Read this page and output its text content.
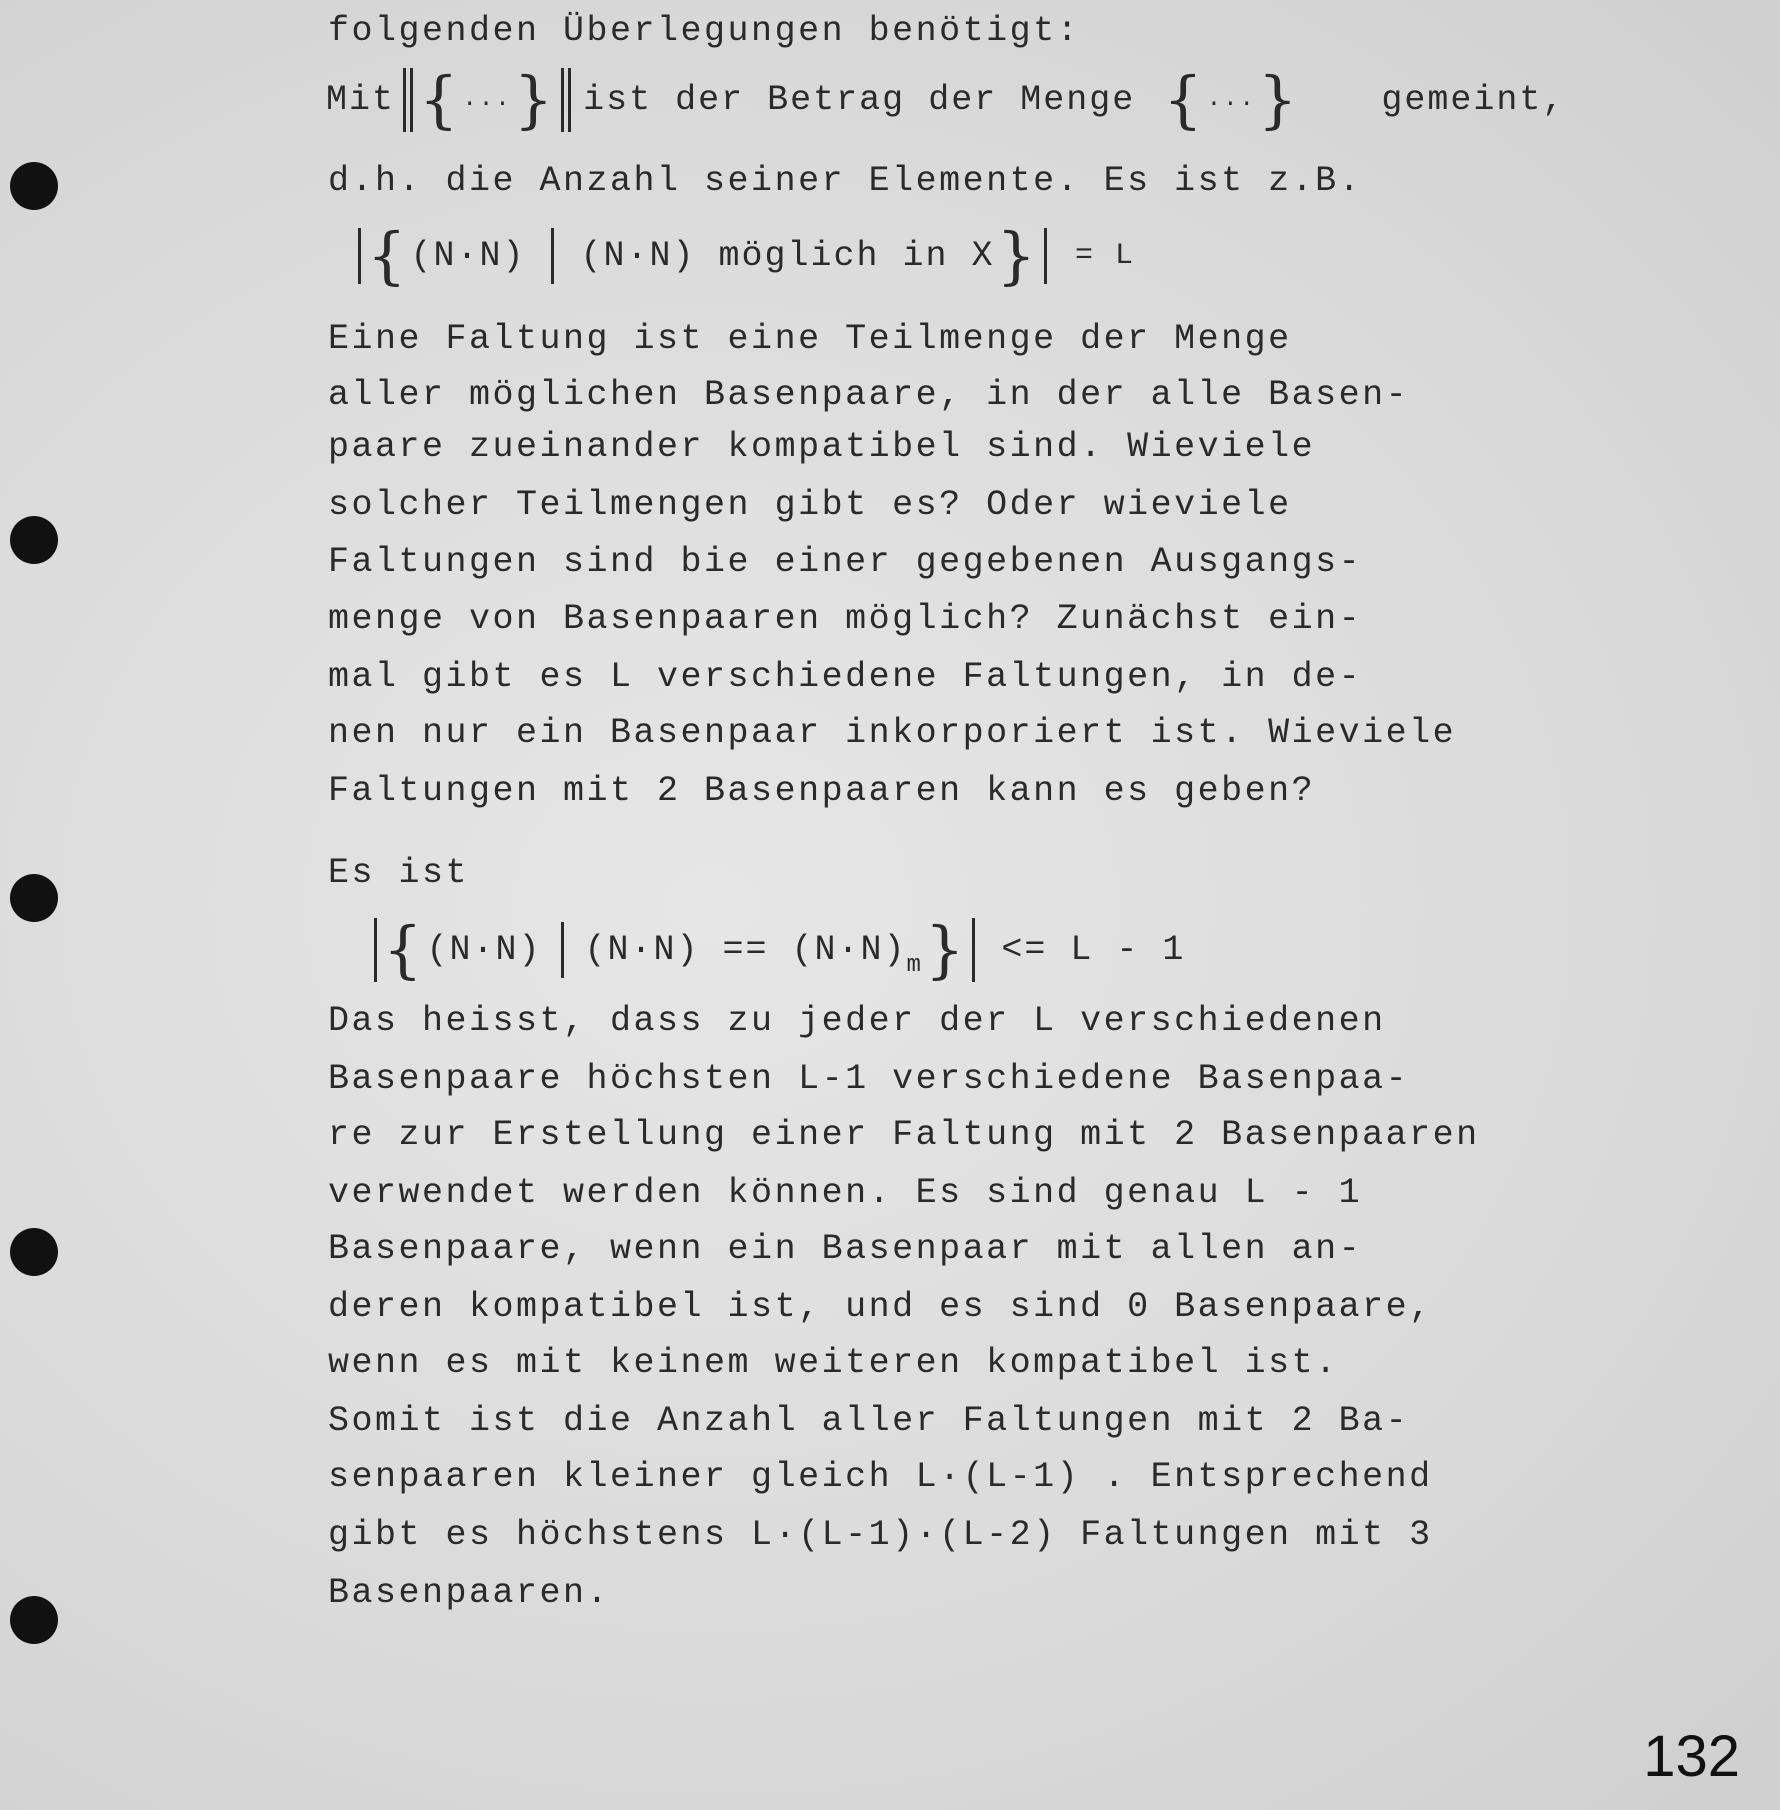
folgenden Überlegungen benötigt:
Mit { ... } ist der Betrag der Menge { ... } gemeint,
d.h. die Anzahl seiner Elemente. Es ist z.B.
{ (N·N) (N·N) möglich in X } = L
Eine Faltung ist eine Teilmenge der Menge
aller möglichen Basenpaare, in der alle Basen-
paare zueinander kompatibel sind. Wieviele
solcher Teilmengen gibt es? Oder wieviele
Faltungen sind bie einer gegebenen Ausgangs-
menge von Basenpaaren möglich? Zunächst ein-
mal gibt es L verschiedene Faltungen, in de-
nen nur ein Basenpaar inkorporiert ist. Wieviele
Faltungen mit 2 Basenpaaren kann es geben?
Es ist
{ (N·N) (N·N) == (N·N) m } <= L - 1
Das heisst, dass zu jeder der L verschiedenen
Basenpaare höchsten L-1 verschiedene Basenpaa-
re zur Erstellung einer Faltung mit 2 Basenpaaren
verwendet werden können. Es sind genau L - 1
Basenpaare, wenn ein Basenpaar mit allen an-
deren kompatibel ist, und es sind 0 Basenpaare,
wenn es mit keinem weiteren kompatibel ist.
Somit ist die Anzahl aller Faltungen mit 2 Ba-
senpaaren kleiner gleich L·(L-1) . Entsprechend
gibt es höchstens L·(L-1)·(L-2) Faltungen mit 3
Basenpaaren.
132
